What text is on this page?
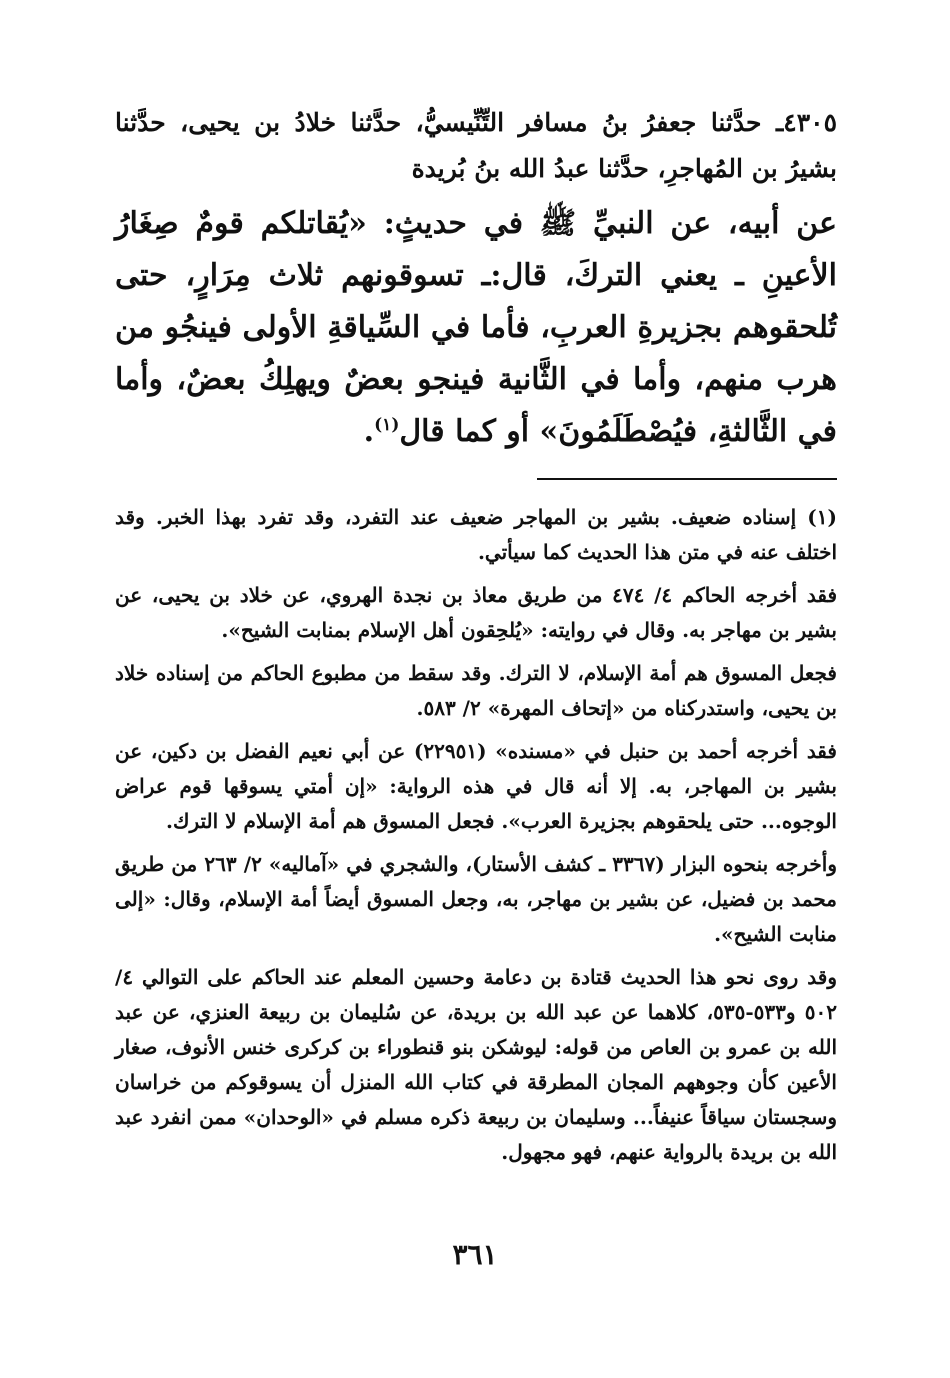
٤٣٠٥ـ حدَّثنا جعفرُ بنُ مسافر التِّنِّيسيُّ، حدَّثنا خلادُ بن يحيى، حدَّثنا بشيرُ بن المُهاجرِ، حدَّثنا عبدُ الله بنُ بُريدة

عن أبيه، عن النبيِّ ﷺ في حديثٍ: «يُقاتلكم قومٌ صِغَارُ الأعينِ ـ يعني التركَ، قال:ـ تسوقونهم ثلاث مِرَارٍ، حتى تُلحقوهم بجزيرةِ العربِ، فأما في السِّياقةِ الأولى فينجُو من هرب منهم، وأما في الثَّانية فينجو بعضٌ ويهلِكُ بعضٌ، وأما في الثَّالثةِ، فيُصْطَلَمُونَ» أو كما قال$^{(١)}$.

(١) إسناده ضعيف. بشير بن المهاجر ضعيف عند التفرد، وقد تفرد بهذا الخبر. وقد اختلف عنه في متن هذا الحديث كما سيأتي.

فقد أخرجه الحاكم ٤/ ٤٧٤ من طريق معاذ بن نجدة الهروي، عن خلاد بن يحيى، عن بشير بن مهاجر به. وقال في روايته: «يُلحِقون أهل الإسلام بمنابت الشيح».

فجعل المسوق هم أمة الإسلام، لا الترك. وقد سقط من مطبوع الحاكم من إسناده خلاد بن يحيى، واستدركناه من «إتحاف المهرة» ٢/ ٥٨٣.

فقد أخرجه أحمد بن حنبل في «مسنده» (٢٢٩٥١) عن أبي نعيم الفضل بن دكين، عن بشير بن المهاجر، به. إلا أنه قال في هذه الرواية: «إن أمتي يسوقها قوم عراض الوجوه... حتى يلحقوهم بجزيرة العرب». فجعل المسوق هم أمة الإسلام لا الترك.

وأخرجه بنحوه البزار (٣٣٦٧ ـ كشف الأستار)، والشجري في «آماليه» ٢/ ٢٦٣ من طريق محمد بن فضيل، عن بشير بن مهاجر، به، وجعل المسوق أيضاً أمة الإسلام، وقال: «إلى منابت الشيح».

وقد روى نحو هذا الحديث قتادة بن دعامة وحسين المعلم عند الحاكم على التوالي ٤/ ٥٠٢ و٥٣٣-٥٣٥، كلاهما عن عبد الله بن بريدة، عن سُليمان بن ربيعة العنزي، عن عبد الله بن عمرو بن العاص من قوله: ليوشكن بنو قنطوراء بن كركرى خنس الأنوف، صغار الأعين كأن وجوههم المجان المطرقة في كتاب الله المنزل أن يسوقوكم من خراسان وسجستان سياقاً عنيفاً... وسليمان بن ربيعة ذكره مسلم في «الوحدان» ممن انفرد عبد الله بن بريدة بالرواية عنهم، فهو مجهول.

٣٦١
